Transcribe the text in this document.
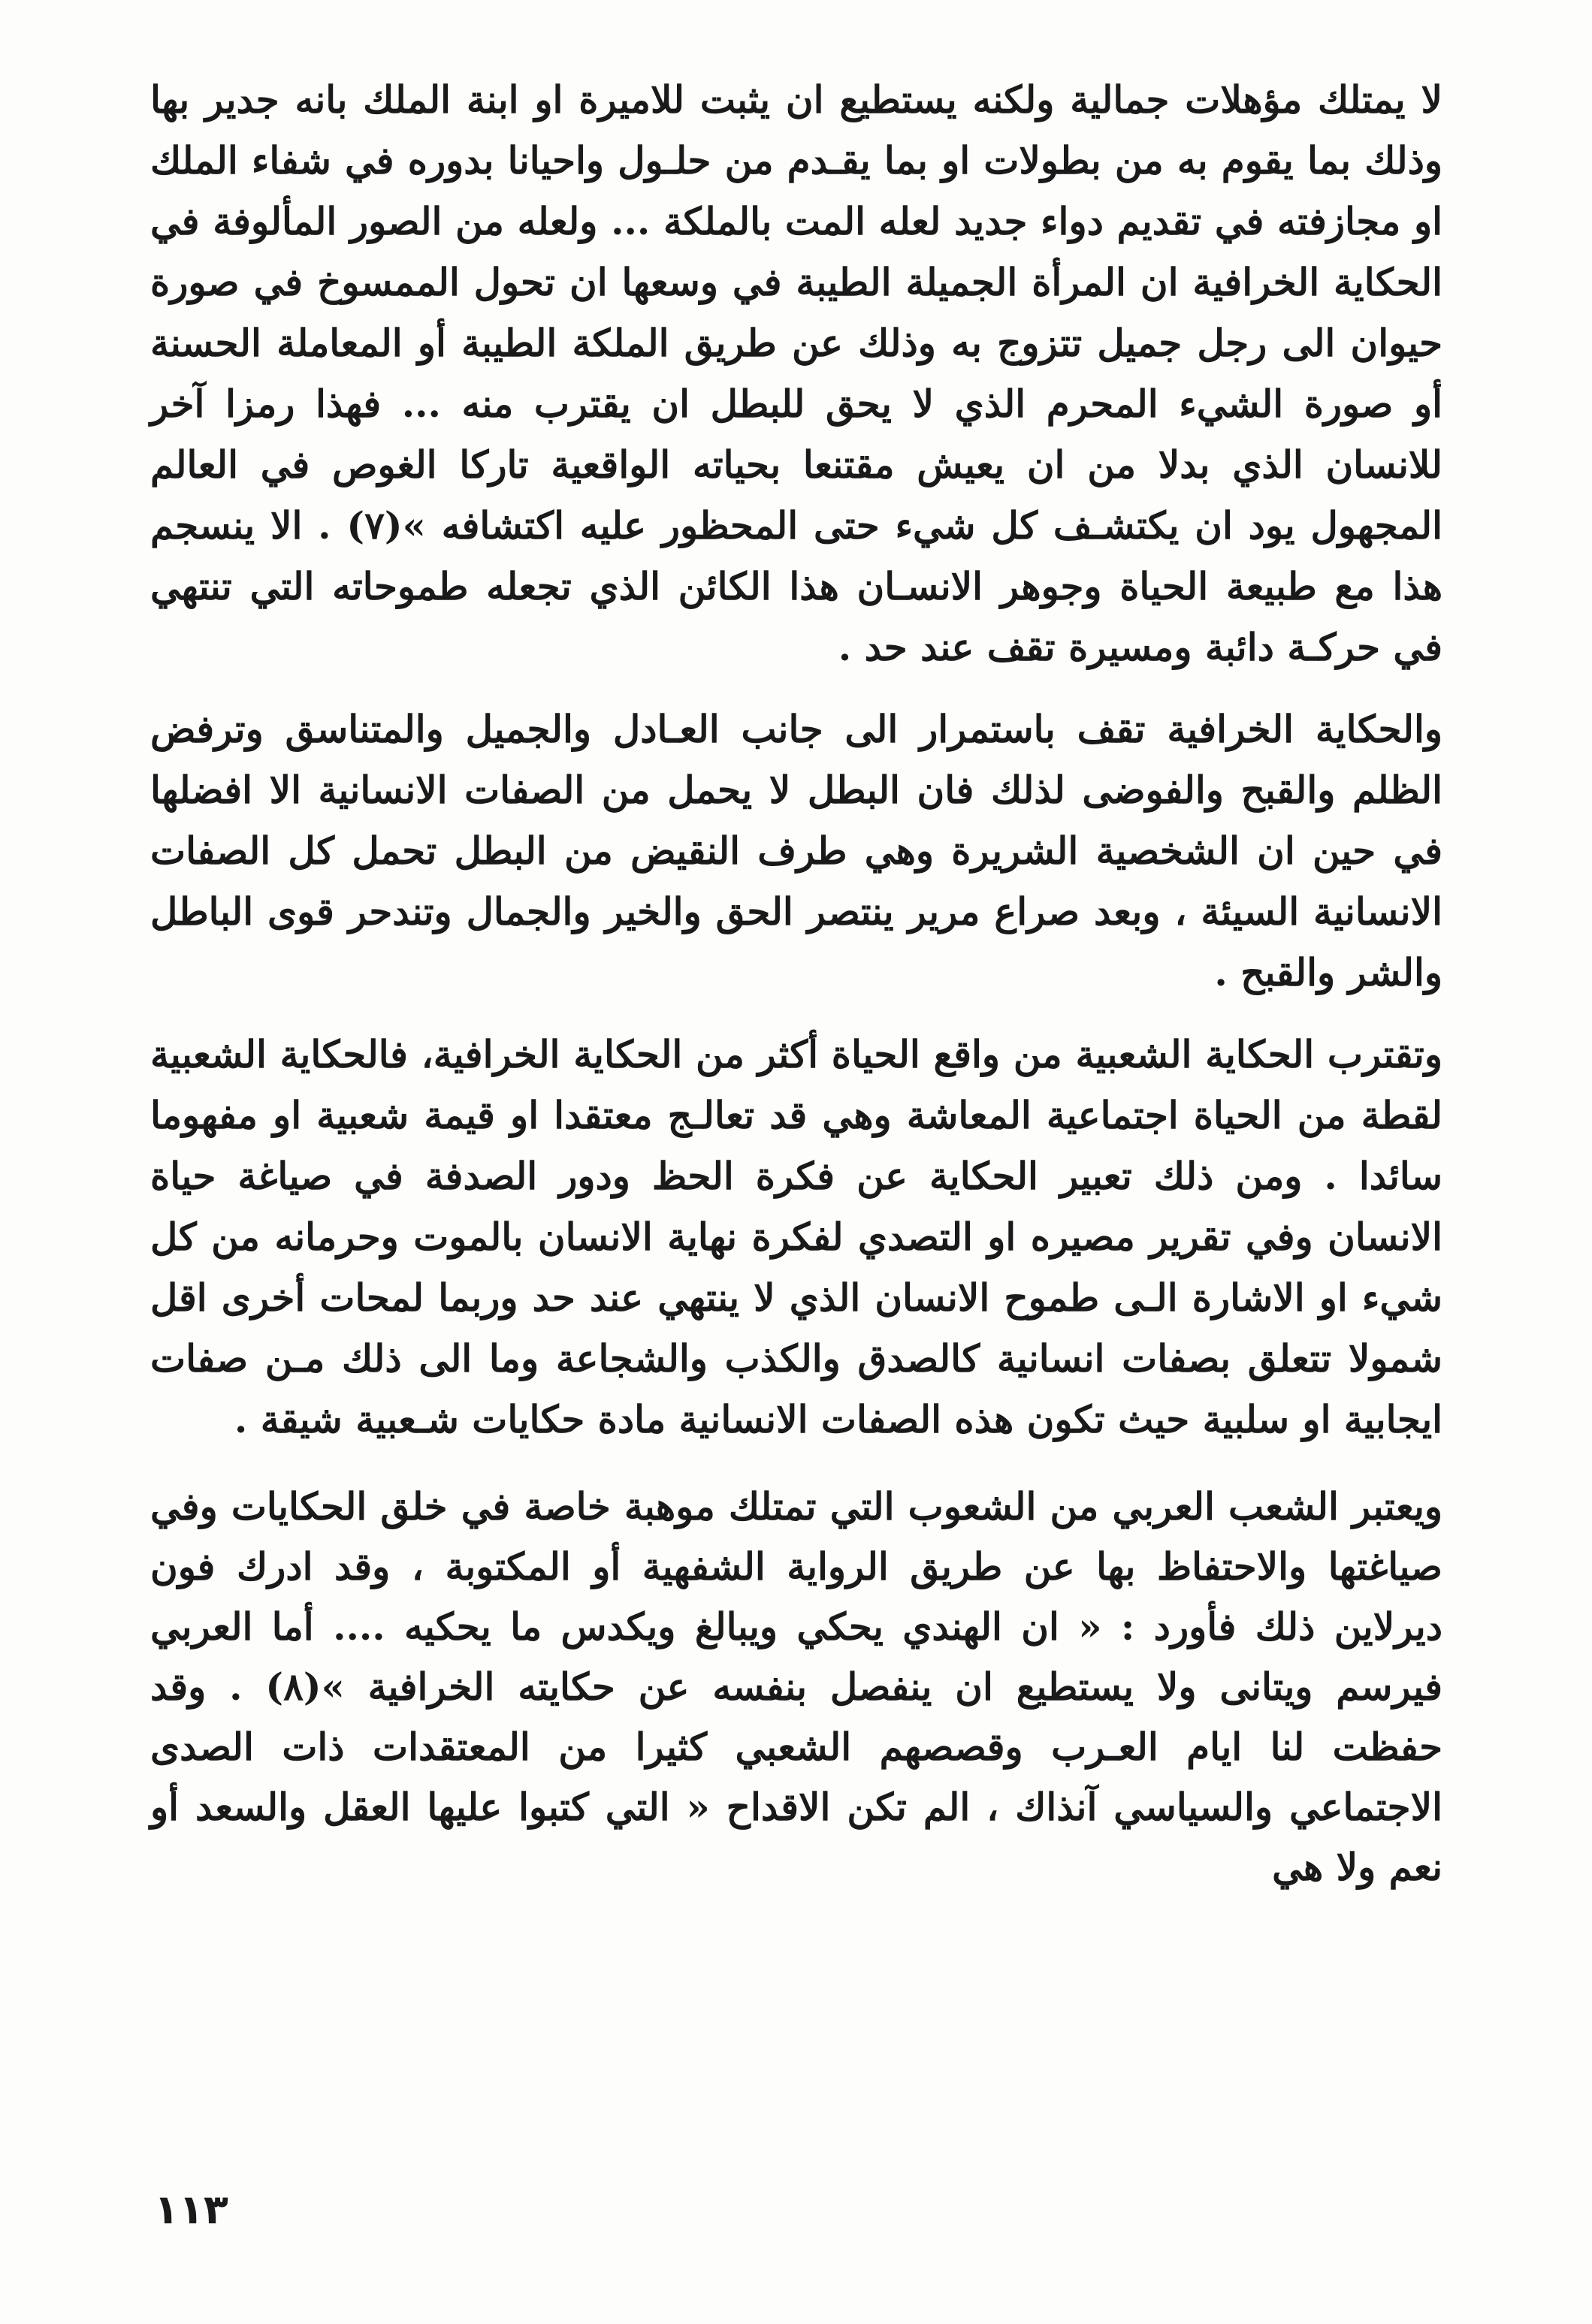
لا يمتلك مؤهلات جمالية ولكنه يستطيع ان يثبت للاميرة او ابنة الملك بانه جدير بها وذلك بما يقوم به من بطولات او بما يقـدم من حلـول واحيانا بدوره في شفاء الملك او مجازفته في تقديم دواء جديد لعله المت بالملكة ... ولعله من الصور المألوفة في الحكاية الخرافية ان المرأة الجميلة الطيبة في وسعها ان تحول الممسوخ في صورة حيوان الى رجل جميل تتزوج به وذلك عن طريق الملكة الطيبة أو المعاملة الحسنة أو صورة الشيء المحرم الذي لا يحق للبطل ان يقترب منه ... فهذا رمزا آخر للانسان الذي بدلا من ان يعيش مقتنعا بحياته الواقعية تاركا الغوص في العالم المجهول يود ان يكتشـف كل شيء حتى المحظور عليه اكتشافه »(٧) . الا ينسجم هذا مع طبيعة الحياة وجوهر الانسـان هذا الكائن الذي تجعله طموحاته التي تنتهي في حركـة دائبة ومسيرة تقف عند حد .

والحكاية الخرافية تقف باستمرار الى جانب العـادل والجميل والمتناسق وترفض الظلم والقبح والفوضى لذلك فان البطل لا يحمل من الصفات الانسانية الا افضلها في حين ان الشخصية الشريرة وهي طرف النقيض من البطل تحمل كل الصفات الانسانية السيئة ، وبعد صراع مرير ينتصر الحق والخير والجمال وتندحر قوى الباطل والشر والقبح .

وتقترب الحكاية الشعبية من واقع الحياة أكثر من الحكاية الخرافية، فالحكاية الشعبية لقطة من الحياة اجتماعية المعاشة وهي قد تعالـج معتقدا او قيمة شعبية او مفهوما سائدا . ومن ذلك تعبير الحكاية عن فكرة الحظ ودور الصدفة في صياغة حياة الانسان وفي تقرير مصيره او التصدي لفكرة نهاية الانسان بالموت وحرمانه من كل شيء او الاشارة الـى طموح الانسان الذي لا ينتهي عند حد وربما لمحات أخرى اقل شمولا تتعلق بصفات انسانية كالصدق والكذب والشجاعة وما الى ذلك مـن صفات ايجابية او سلبية حيث تكون هذه الصفات الانسانية مادة حكايات شـعبية شيقة .

ويعتبر الشعب العربي من الشعوب التي تمتلك موهبة خاصة في خلق الحكايات وفي صياغتها والاحتفاظ بها عن طريق الرواية الشفهية أو المكتوبة ، وقد ادرك فون ديرلاين ذلك فأورد : « ان الهندي يحكي ويبالغ ويكدس ما يحكيه .... أما العربي فيرسم ويتانى ولا يستطيع ان ينفصل بنفسه عن حكايته الخرافية »(٨) . وقد حفظت لنا ايام العـرب وقصصهم الشعبي كثيرا من المعتقدات ذات الصدى الاجتماعي والسياسي آنذاك ، الم تكن الاقداح « التي كتبوا عليها العقل والسعد أو نعم ولا هي

١١٣
